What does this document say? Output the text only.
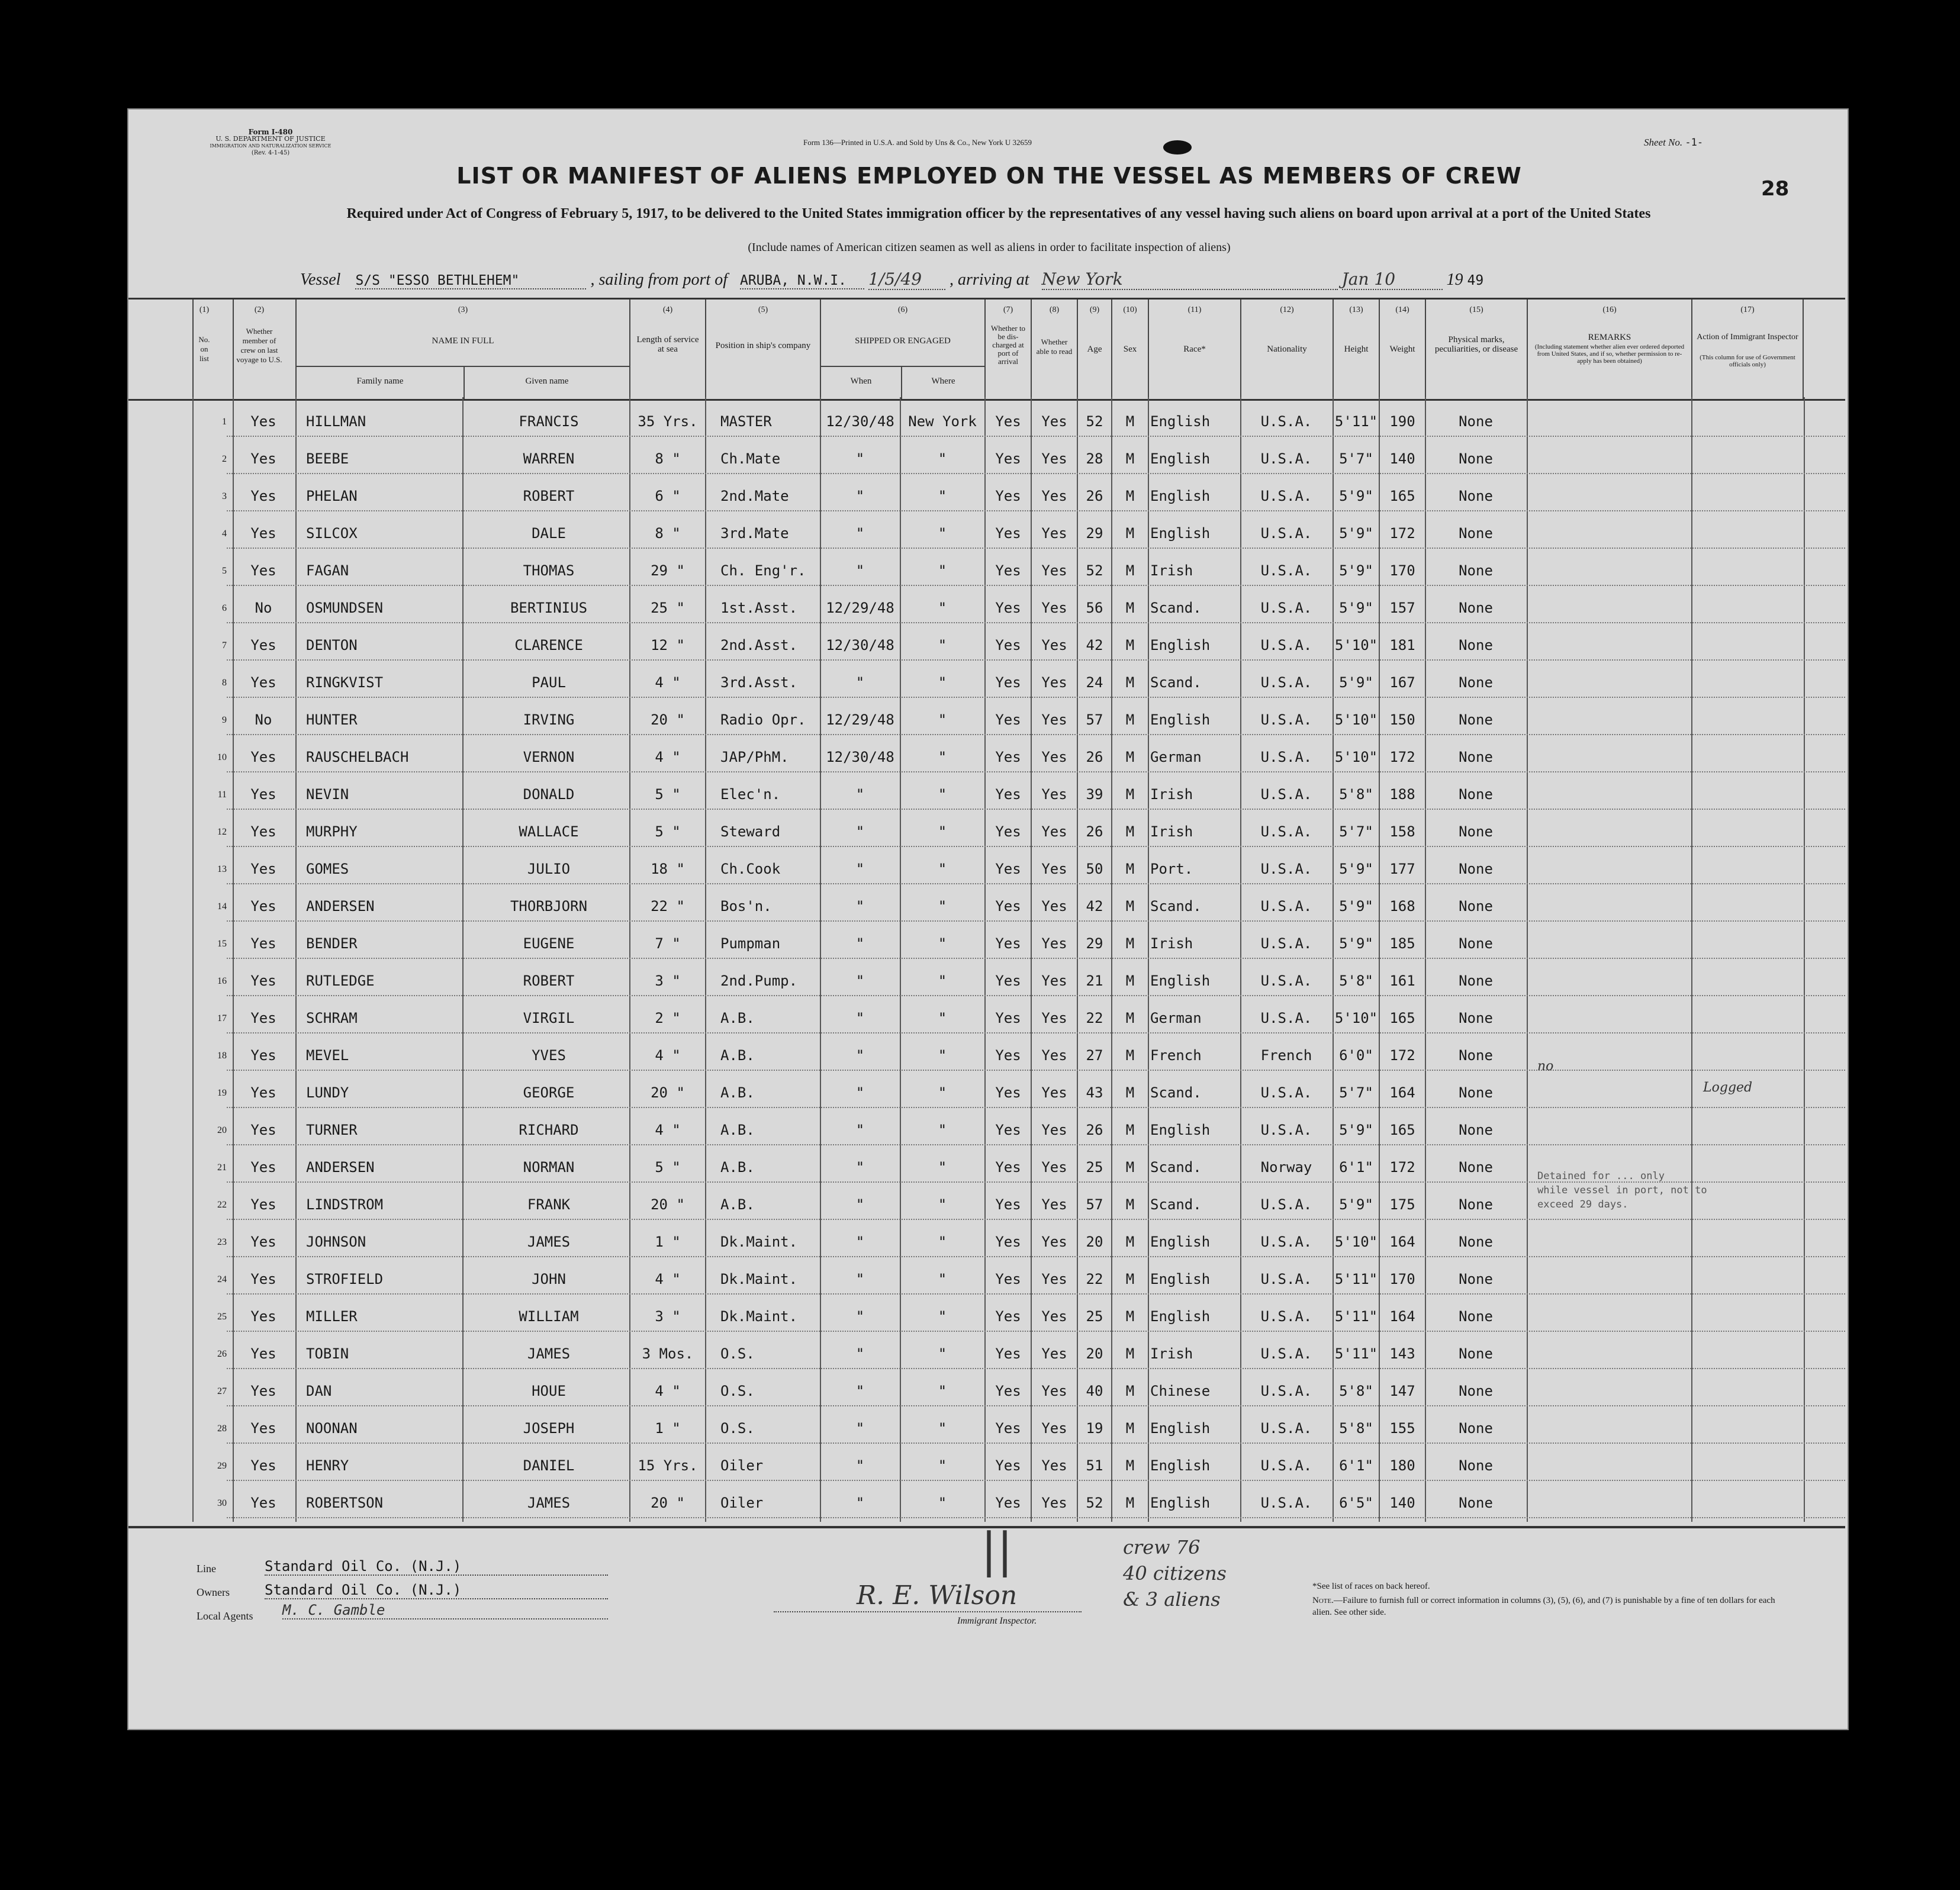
Form I-480
U. S. DEPARTMENT OF JUSTICE
IMMIGRATION AND NATURALIZATION SERVICE
(Rev. 4-1-45)
Form 136—Printed in U.S.A. and Sold by Uns & Co., New York U 32659	Sheet No. -1-
28
LIST OR MANIFEST OF ALIENS EMPLOYED ON THE VESSEL AS MEMBERS OF CREW
Required under Act of Congress of February 5, 1917, to be delivered to the United States immigration officer by the representatives of any vessel having such aliens on board upon arrival at a port of the United States
(Include names of American citizen seamen as well as aliens in order to facilitate inspection of aliens)
Vessel S/S "ESSO BETHLEHEM"	, sailing from port of ARUBA, N.W.I. 1/5/49 , arriving at New York	Jan 10	19 49
(1)
No. on list
(2)
Whether member of crew on last voyage to U.S.
(3)
NAME IN FULL
Family name	Given name
(4)
Length of service at sea
(5)
Position in ship's company
(6)
SHIPPED OR ENGAGED
When	Where
(7)
Whether to be dis-charged at port of arrival
(8)
Whether able to read
(9)
Age
(10)
Sex
(11)
Race*
(12)
Nationality
(13)
Height
(14)
Weight
(15)
Physical marks, peculiarities, or disease
(16)
REMARKS
(Including statement whether alien ever ordered deported from United States, and if so, whether permission to re-apply has been obtained)
(17)
Action of Immigrant Inspector
(This column for use of Government officials only)
1	Yes	HILLMAN	FRANCIS	35 Yrs.	MASTER	12/30/48 New York	Yes	Yes	52	M	English	U.S.A.	5'11" 190	None
2	Yes	BEEBE	WARREN	8 "	Ch.Mate	"	"	Yes	Yes	28	M	English	U.S.A.	5'7"	140	None
3	Yes	PHELAN	ROBERT	6 "	2nd.Mate	"	"	Yes	Yes	26	M	English	U.S.A.	5'9"	165	None
4	Yes	SILCOX	DALE	8 "	3rd.Mate	"	"	Yes	Yes	29	M	English	U.S.A.	5'9"	172	None
5	Yes	FAGAN	THOMAS	29 "	Ch. Eng'r.	"	"	Yes	Yes	52	M	Irish	U.S.A.	5'9"	170	None
6	No	OSMUNDSEN	BERTINIUS	25 "	1st.Asst.	12/29/48	"	Yes	Yes	56	M	Scand.	U.S.A.	5'9"	157	None
7	Yes	DENTON	CLARENCE	12 "	2nd.Asst.	12/30/48	"	Yes	Yes	42	M	English	U.S.A.	5'10" 181	None
8	Yes	RINGKVIST	PAUL	4 "	3rd.Asst.	"	"	Yes	Yes	24	M	Scand.	U.S.A.	5'9"	167	None
9	No	HUNTER	IRVING	20 "	Radio Opr.	12/29/48	"	Yes	Yes	57	M	English	U.S.A.	5'10" 150	None
10	Yes	RAUSCHELBACH	VERNON	4 "	JAP/PhM.	12/30/48	"	Yes	Yes	26	M	German	U.S.A.	5'10" 172	None
11	Yes	NEVIN	DONALD	5 "	Elec'n.	"	"	Yes	Yes	39	M	Irish	U.S.A.	5'8"	188	None
12	Yes	MURPHY	WALLACE	5 "	Steward	"	"	Yes	Yes	26	M	Irish	U.S.A.	5'7"	158	None
13	Yes	GOMES	JULIO	18 "	Ch.Cook	"	"	Yes	Yes	50	M	Port.	U.S.A.	5'9"	177	None
14	Yes	ANDERSEN	THORBJORN	22 "	Bos'n.	"	"	Yes	Yes	42	M	Scand.	U.S.A.	5'9"	168	None
15	Yes	BENDER	EUGENE	7 "	Pumpman	"	"	Yes	Yes	29	M	Irish	U.S.A.	5'9"	185	None
16	Yes	RUTLEDGE	ROBERT	3 "	2nd.Pump.	"	"	Yes	Yes	21	M	English	U.S.A.	5'8"	161	None
17	Yes	SCHRAM	VIRGIL	2 "	A.B.	"	"	Yes	Yes	22	M	German	U.S.A.	5'10" 165	None
18	Yes	MEVEL	YVES	4 "	A.B.	"	"	Yes	Yes	27	M	French	French	6'0"	172	None
19	Yes	LUNDY	GEORGE	20 "	A.B.	"	"	Yes	Yes	43	M	Scand.	U.S.A.	5'7"	164	None
20	Yes	TURNER	RICHARD	4 "	A.B.	"	"	Yes	Yes	26	M	English	U.S.A.	5'9"	165	None
21	Yes	ANDERSEN	NORMAN	5 "	A.B.	"	"	Yes	Yes	25	M	Scand.	Norway	6'1"	172	None
22	Yes	LINDSTROM	FRANK	20 "	A.B.	"	"	Yes	Yes	57	M	Scand.	U.S.A.	5'9"	175	None
23	Yes	JOHNSON	JAMES	1 "	Dk.Maint.	"	"	Yes	Yes	20	M	English	U.S.A.	5'10" 164	None
24	Yes	STROFIELD	JOHN	4 "	Dk.Maint.	"	"	Yes	Yes	22	M	English	U.S.A.	5'11" 170	None
25	Yes	MILLER	WILLIAM	3 "	Dk.Maint.	"	"	Yes	Yes	25	M	English	U.S.A.	5'11" 164	None
26	Yes	TOBIN	JAMES	3 Mos.	O.S.	"	"	Yes	Yes	20	M	Irish	U.S.A.	5'11" 143	None
27	Yes	DAN	HOUE	4 "	O.S.	"	"	Yes	Yes	40	M	Chinese	U.S.A.	5'8"	147	None
28	Yes	NOONAN	JOSEPH	1 "	O.S.	"	"	Yes	Yes	19	M	English	U.S.A.	5'8"	155	None
29	Yes	HENRY	DANIEL	15 Yrs.	Oiler	"	"	Yes	Yes	51	M	English	U.S.A.	6'1"	180	None
30	Yes	ROBERTSON	JAMES	20 "	Oiler	"	"	Yes	Yes	52	M	English	U.S.A.	6'5"	140	None
no
Logged
Detained for ... only
while vessel in port, not to
exceed 29 days.
Line	Standard Oil Co. (N.J.)
Owners Standard Oil Co. (N.J.)
Local Agents M. C. Gamble
||
R. E. Wilson
Immigrant Inspector.
crew 76
40 citizens
& 3 aliens
*See list of races on back hereof.
Note.—Failure to furnish full or correct information in columns (3), (5), (6), and (7) is punishable by a fine of ten dollars for each alien. See other side.
